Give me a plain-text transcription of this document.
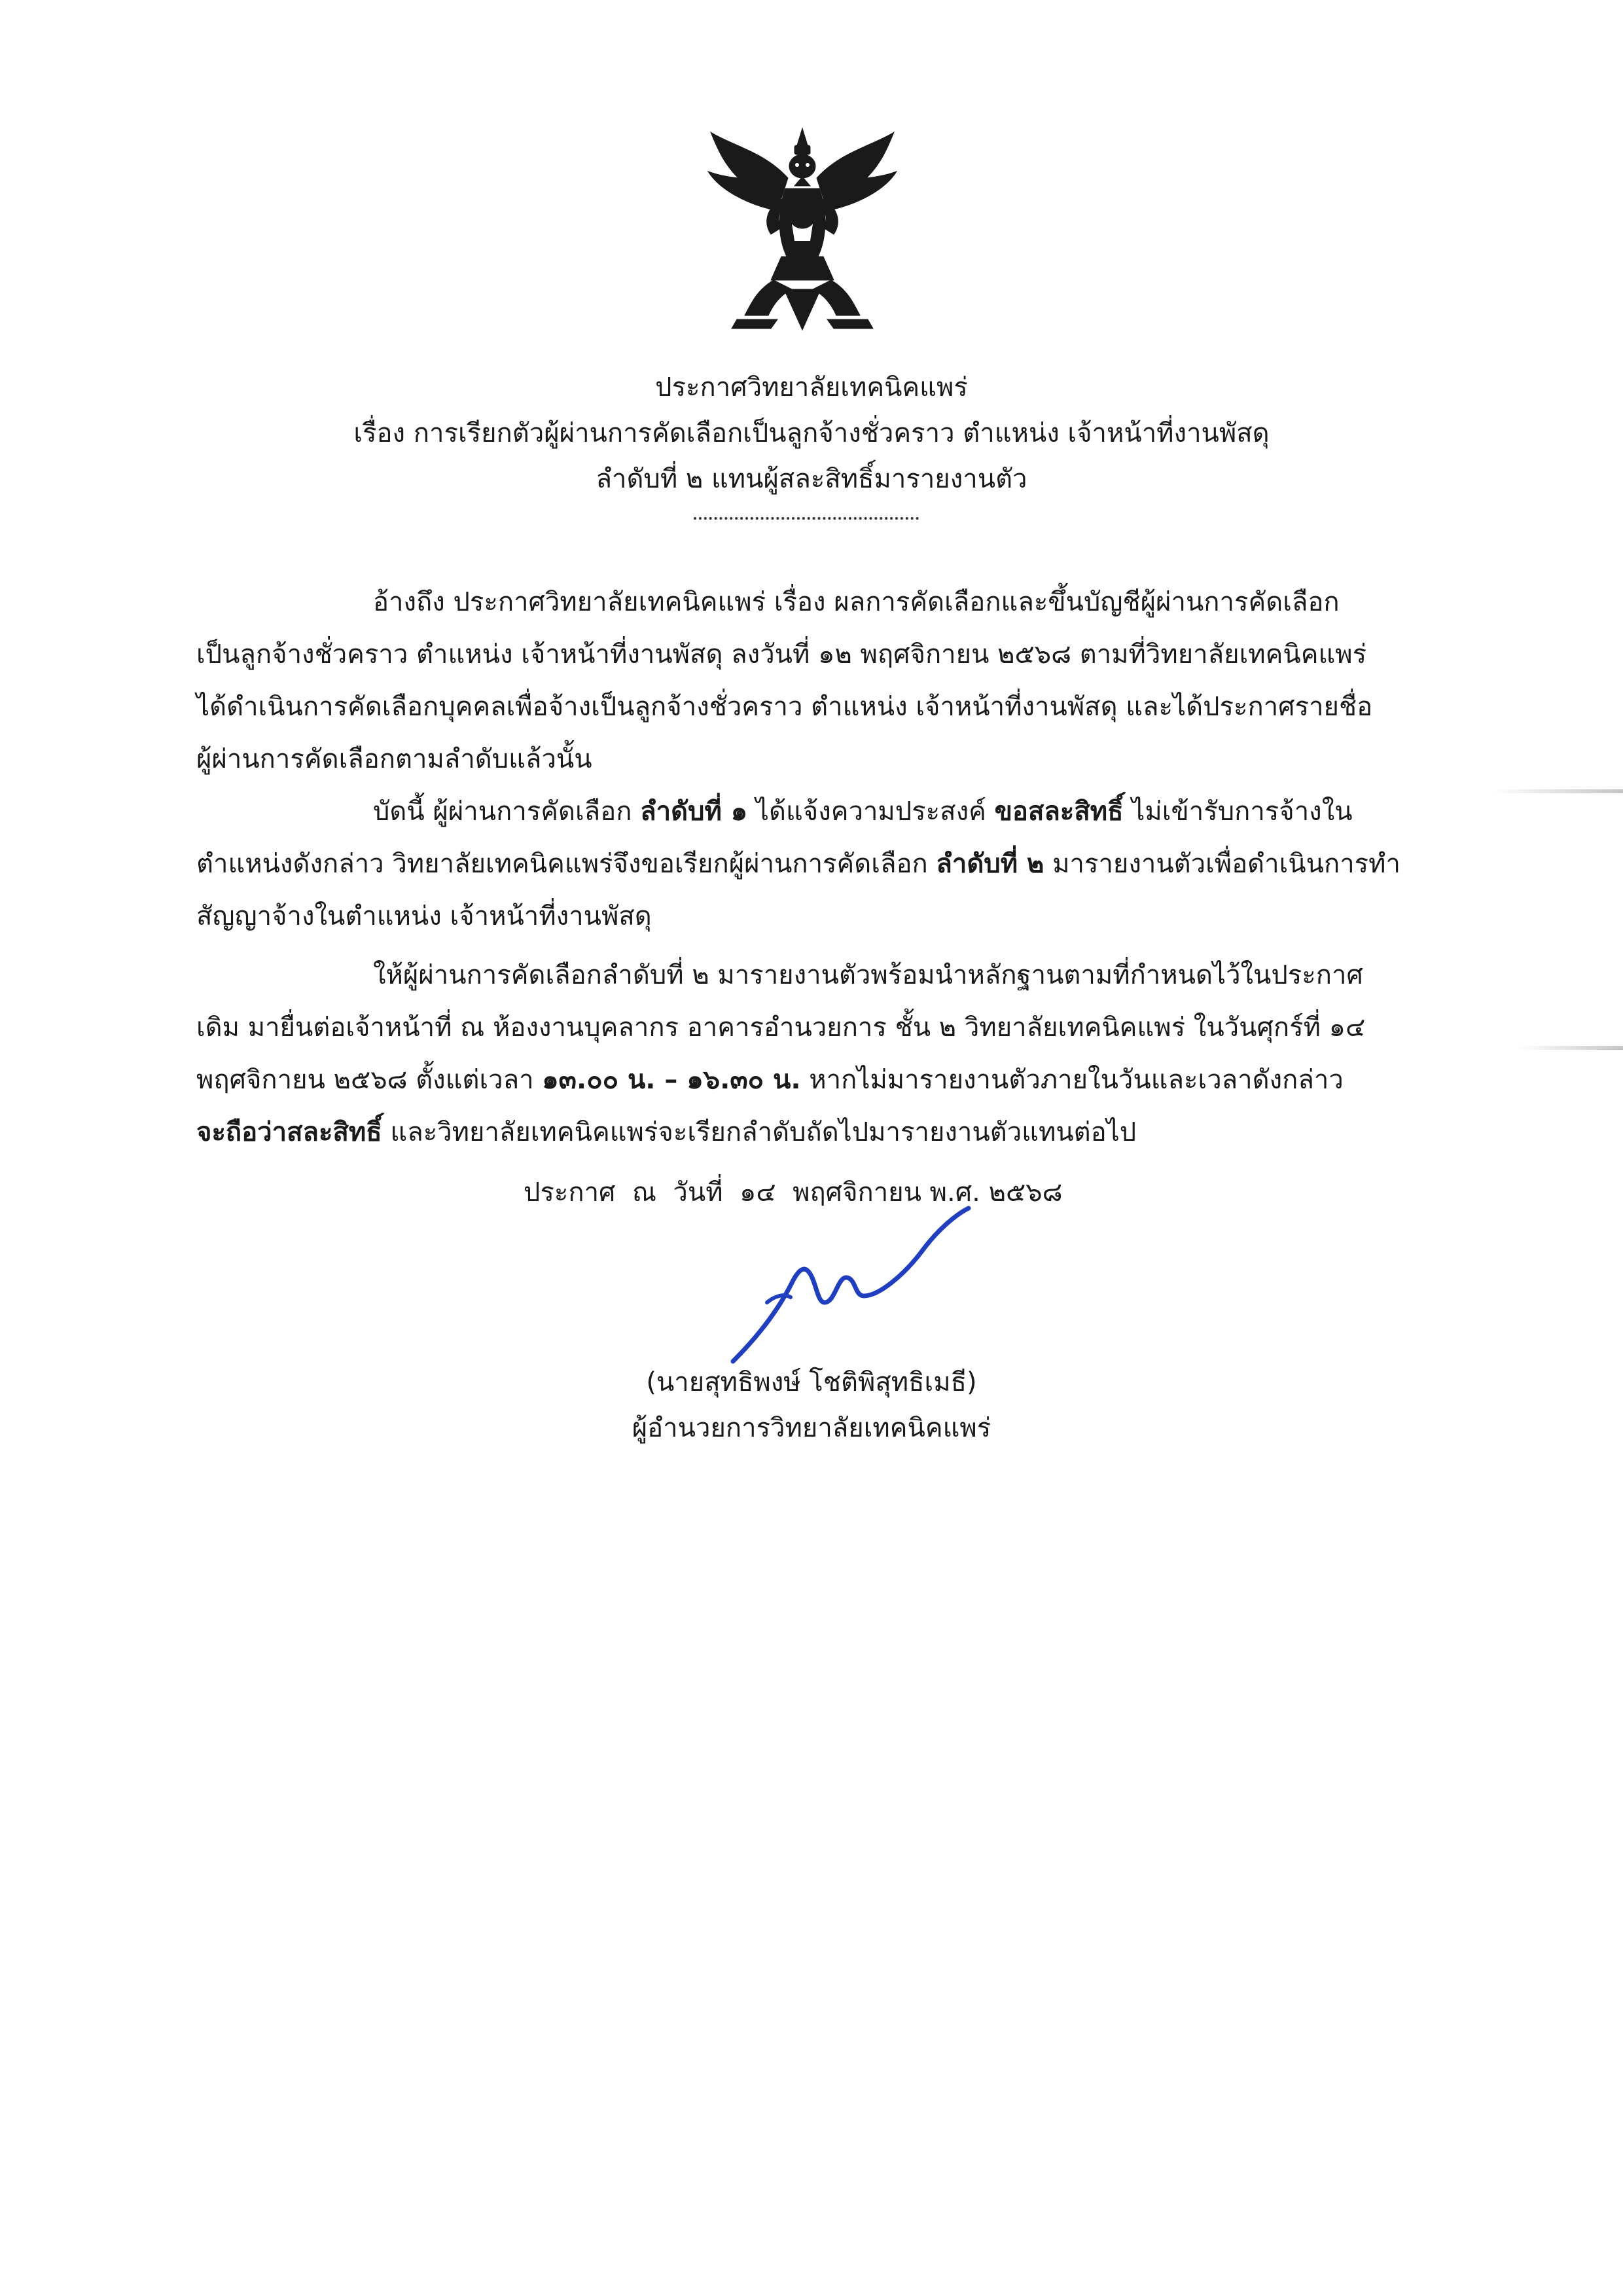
ประกาศวิทยาลัยเทคนิคแพร่
เรื่อง การเรียกตัวผู้ผ่านการคัดเลือกเป็นลูกจ้างชั่วคราว ตำแหน่ง เจ้าหน้าที่งานพัสดุ
ลำดับที่ ๒ แทนผู้สละสิทธิ์มารายงานตัว
อ้างถึง ประกาศวิทยาลัยเทคนิคแพร่ เรื่อง ผลการคัดเลือกและขึ้นบัญชีผู้ผ่านการคัดเลือก
เป็นลูกจ้างชั่วคราว ตำแหน่ง เจ้าหน้าที่งานพัสดุ ลงวันที่ ๑๒ พฤศจิกายน ๒๕๖๘ ตามที่วิทยาลัยเทคนิคแพร่
ได้ดำเนินการคัดเลือกบุคคลเพื่อจ้างเป็นลูกจ้างชั่วคราว ตำแหน่ง เจ้าหน้าที่งานพัสดุ และได้ประกาศรายชื่อ
ผู้ผ่านการคัดเลือกตามลำดับแล้วนั้น
บัดนี้ ผู้ผ่านการคัดเลือก ลำดับที่ ๑ ได้แจ้งความประสงค์ ขอสละสิทธิ์ ไม่เข้ารับการจ้างใน
ตำแหน่งดังกล่าว วิทยาลัยเทคนิคแพร่จึงขอเรียกผู้ผ่านการคัดเลือก ลำดับที่ ๒ มารายงานตัวเพื่อดำเนินการทำ
สัญญาจ้างในตำแหน่ง เจ้าหน้าที่งานพัสดุ
ให้ผู้ผ่านการคัดเลือกลำดับที่ ๒ มารายงานตัวพร้อมนำหลักฐานตามที่กำหนดไว้ในประกาศ
เดิม มายื่นต่อเจ้าหน้าที่ ณ ห้องงานบุคลากร อาคารอำนวยการ ชั้น ๒ วิทยาลัยเทคนิคแพร่ ในวันศุกร์ที่ ๑๔
พฤศจิกายน ๒๕๖๘ ตั้งแต่เวลา ๑๓.๐๐ น. – ๑๖.๓๐ น. หากไม่มารายงานตัวภายในวันและเวลาดังกล่าว
จะถือว่าสละสิทธิ์ และวิทยาลัยเทคนิคแพร่จะเรียกลำดับถัดไปมารายงานตัวแทนต่อไป
ประกาศ  ณ  วันที่  ๑๔  พฤศจิกายน พ.ศ. ๒๕๖๘
(นายสุทธิพงษ์ โชติพิสุทธิเมธี)
ผู้อำนวยการวิทยาลัยเทคนิคแพร่
